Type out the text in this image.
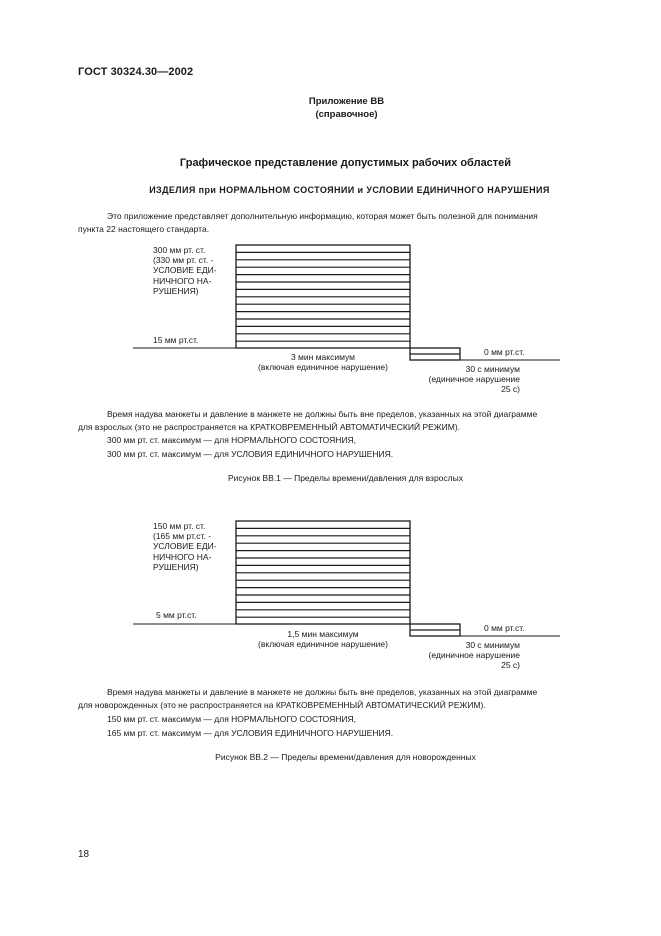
ГОСТ 30324.30—2002
Приложение ВВ
(справочное)
Графическое представление допустимых рабочих областей
ИЗДЕЛИЯ при НОРМАЛЬНОМ СОСТОЯНИИ и УСЛОВИИ ЕДИНИЧНОГО НАРУШЕНИЯ
Это приложение представляет дополнительную информацию, которая может быть полезной для понимания
пункта 22 настоящего стандарта.
300 мм рт. ст.
(330 мм рт. ст. -
УСЛОВИЕ ЕДИ-
НИЧНОГО НА-
РУШЕНИЯ)
15 мм рт.ст.
0 мм рт.ст.
3 мин максимум
(включая единичное нарушение)	30 с минимум
(единичное нарушение
25 с)
Время надува манжеты и давление в манжете не должны быть вне пределов, указанных на этой диаграмме
для взрослых (это не распространяется на КРАТКОВРЕМЕННЫЙ АВТОМАТИЧЕСКИЙ РЕЖИМ).
300 мм рт. ст. максимум — для НОРМАЛЬНОГО СОСТОЯНИЯ,
300 мм рт. ст. максимум — для УСЛОВИЯ ЕДИНИЧНОГО НАРУШЕНИЯ.
Рисунок ВВ.1 — Пределы времени/давления для взрослых
150 мм рт. ст.
(165 мм рт.ст. -
УСЛОВИЕ ЕДИ-
НИЧНОГО НА-
РУШЕНИЯ)
5 мм рт.ст.
0 мм рт.ст.
1,5 мин максимум
(включая единичное нарушение)	30 с минимум
(единичное нарушение
25 с)
Время надува манжеты и давление в манжете не должны быть вне пределов, указанных на этой диаграмме
для новорожденных (это не распространяется на КРАТКОВРЕМЕННЫЙ АВТОМАТИЧЕСКИЙ РЕЖИМ).
150 мм рт. ст. максимум — для НОРМАЛЬНОГО СОСТОЯНИЯ,
165 мм рт. ст. максимум — для УСЛОВИЯ ЕДИНИЧНОГО НАРУШЕНИЯ.
Рисунок ВВ.2 — Пределы времени/давления для новорожденных
18
